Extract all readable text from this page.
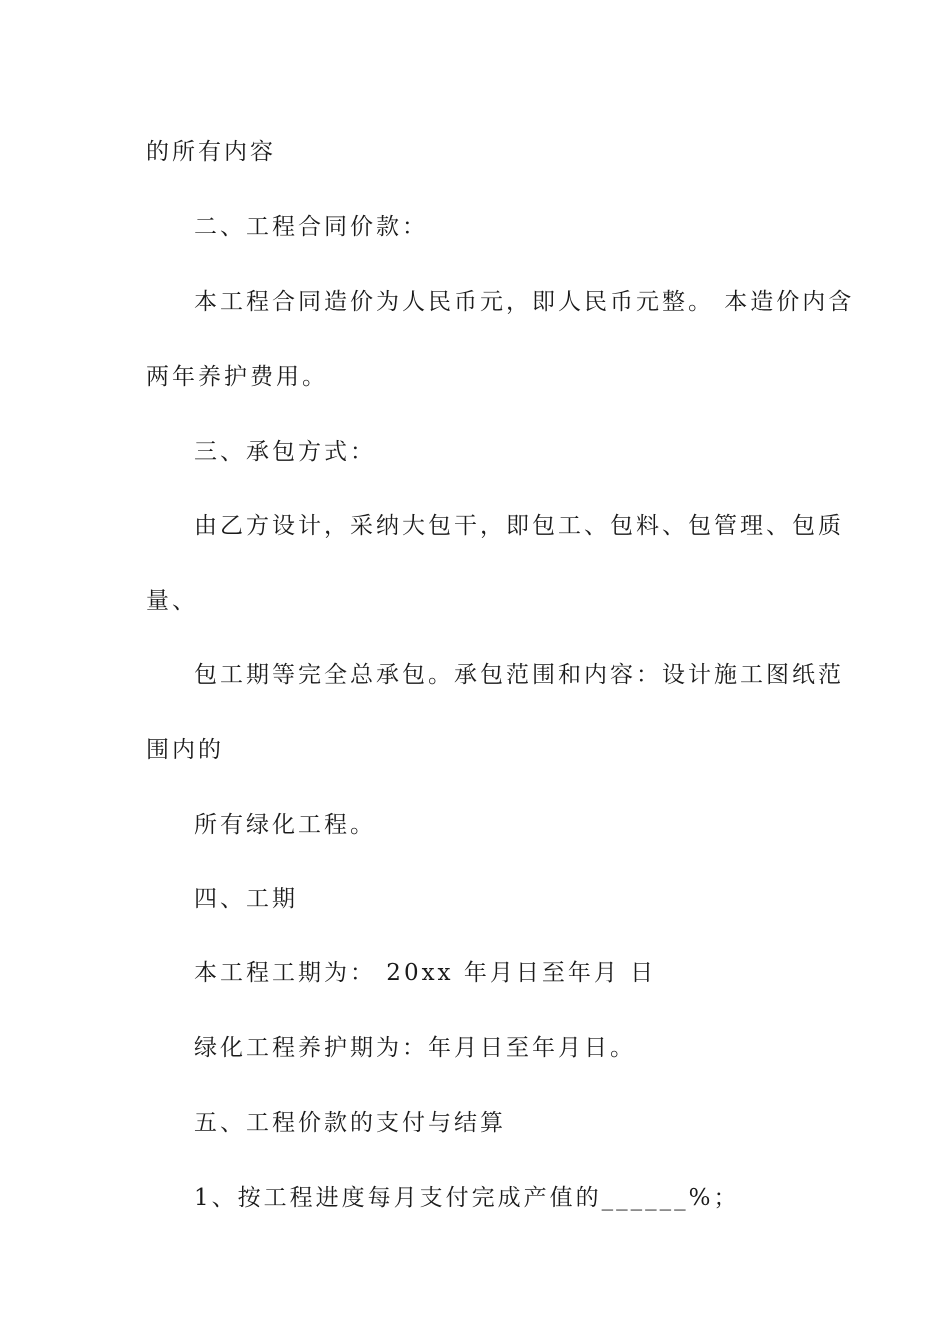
的所有内容
二、工程合同价款：
本工程合同造价为人民币元，即人民币元整。 本造价内含
两年养护费用。
三、承包方式：
由乙方设计，采纳大包干，即包工、包料、包管理、包质
量、
包工期等完全总承包。承包范围和内容：设计施工图纸范
围内的
所有绿化工程。
四、工期
本工程工期为： 20xx 年月日至年月 日
绿化工程养护期为：年月日至年月日。
五、工程价款的支付与结算
1、按工程进度每月支付完成产值的______%；
